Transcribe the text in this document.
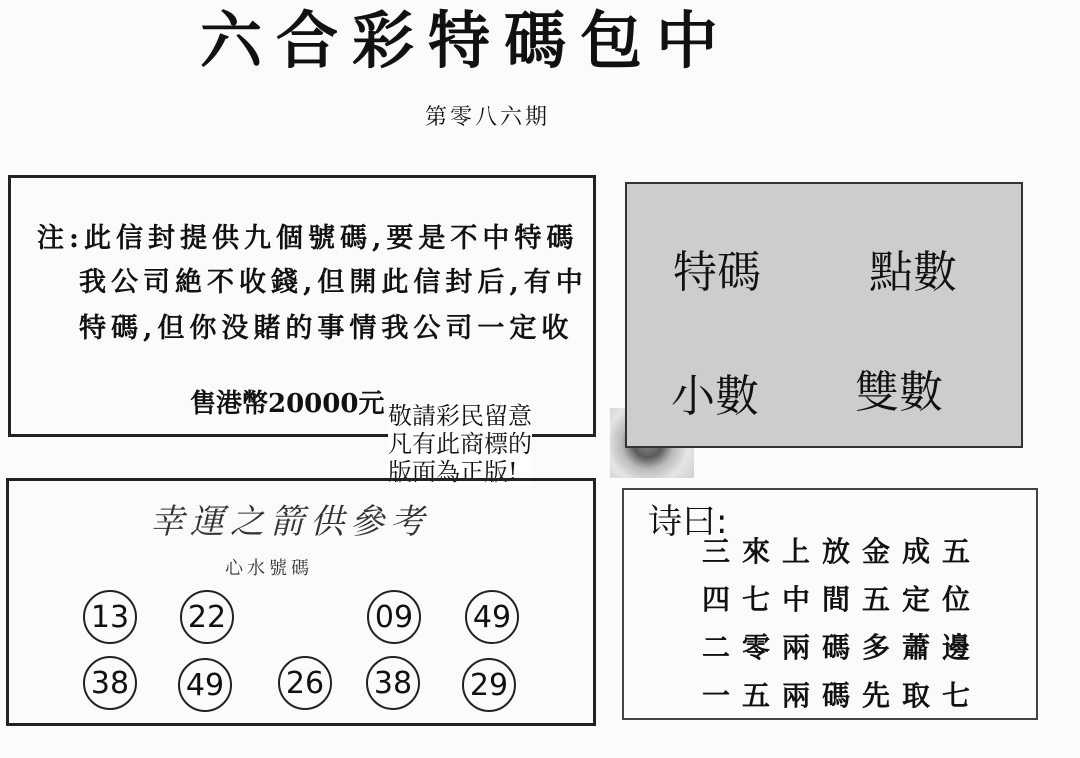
六合彩特碼包中
第零八六期
注:此信封提供九個號碼,要是不中特碼
我公司絶不收錢,但開此信封后,有中
特碼,但你没賭的事情我公司一定收
售港幣20000元 敬請彩民留意
凡有此商標的
版面為正版!
特碼 點數
小數 雙數
幸運之箭供參考
心水號碼
13 22	09 49
38 49 26 38 29
诗曰:
三來上放金成五
四七中間五定位
二零兩碼多蕭邊
一五兩碼先取七
